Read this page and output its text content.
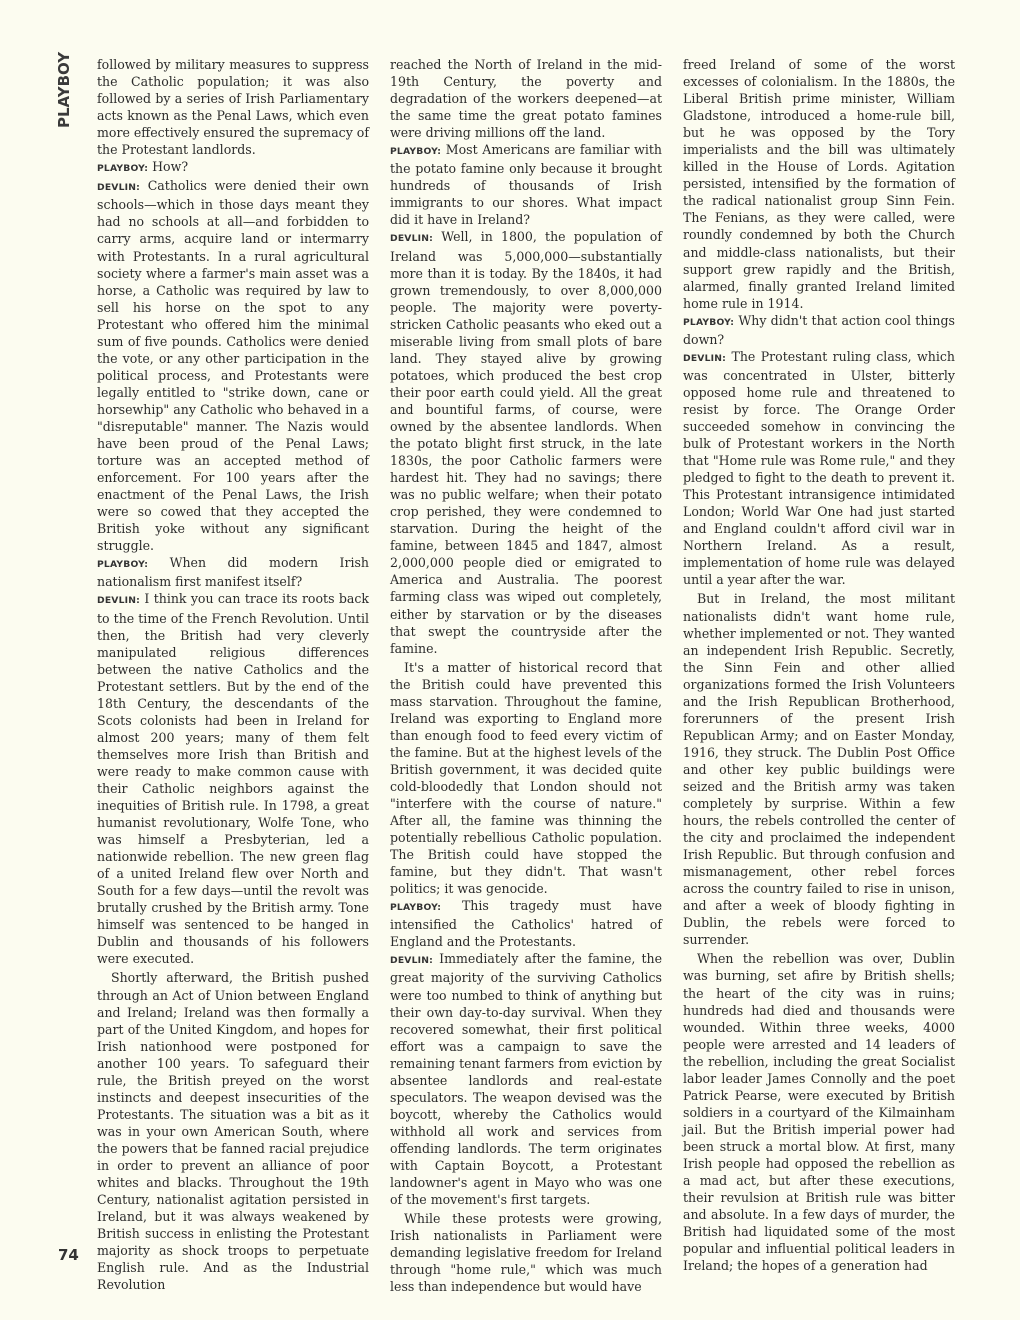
PLAYBOY
74

followed by military measures to suppress the Catholic population; it was also followed by a series of Irish Parliamentary acts known as the Penal Laws, which even more effectively ensured the supremacy of the Protestant landlords.

PLAYBOY: How?

DEVLIN: Catholics were denied their own schools—which in those days meant they had no schools at all—and forbidden to carry arms, acquire land or intermarry with Protestants. In a rural agricultural society where a farmer's main asset was a horse, a Catholic was required by law to sell his horse on the spot to any Protestant who offered him the minimal sum of five pounds. Catholics were denied the vote, or any other participation in the political process, and Protestants were legally entitled to "strike down, cane or horsewhip" any Catholic who behaved in a "disreputable" manner. The Nazis would have been proud of the Penal Laws; torture was an accepted method of enforcement. For 100 years after the enactment of the Penal Laws, the Irish were so cowed that they accepted the British yoke without any significant struggle.

PLAYBOY: When did modern Irish nationalism first manifest itself?

DEVLIN: I think you can trace its roots back to the time of the French Revolution. Until then, the British had very cleverly manipulated religious differences between the native Catholics and the Protestant settlers. But by the end of the 18th Century, the descendants of the Scots colonists had been in Ireland for almost 200 years; many of them felt themselves more Irish than British and were ready to make common cause with their Catholic neighbors against the inequities of British rule. In 1798, a great humanist revolutionary, Wolfe Tone, who was himself a Presbyterian, led a nationwide rebellion. The new green flag of a united Ireland flew over North and South for a few days—until the revolt was brutally crushed by the British army. Tone himself was sentenced to be hanged in Dublin and thousands of his followers were executed.

Shortly afterward, the British pushed through an Act of Union between England and Ireland; Ireland was then formally a part of the United Kingdom, and hopes for Irish nationhood were postponed for another 100 years. To safeguard their rule, the British preyed on the worst instincts and deepest insecurities of the Protestants. The situation was a bit as it was in your own American South, where the powers that be fanned racial prejudice in order to prevent an alliance of poor whites and blacks. Throughout the 19th Century, nationalist agitation persisted in Ireland, but it was always weakened by British success in enlisting the Protestant majority as shock troops to perpetuate English rule. And as the Industrial Revolution

reached the North of Ireland in the mid-19th Century, the poverty and degradation of the workers deepened—at the same time the great potato famines were driving millions off the land.

PLAYBOY: Most Americans are familiar with the potato famine only because it brought hundreds of thousands of Irish immigrants to our shores. What impact did it have in Ireland?

DEVLIN: Well, in 1800, the population of Ireland was 5,000,000—substantially more than it is today. By the 1840s, it had grown tremendously, to over 8,000,000 people. The majority were poverty-stricken Catholic peasants who eked out a miserable living from small plots of bare land. They stayed alive by growing potatoes, which produced the best crop their poor earth could yield. All the great and bountiful farms, of course, were owned by the absentee landlords. When the potato blight first struck, in the late 1830s, the poor Catholic farmers were hardest hit. They had no savings; there was no public welfare; when their potato crop perished, they were condemned to starvation. During the height of the famine, between 1845 and 1847, almost 2,000,000 people died or emigrated to America and Australia. The poorest farming class was wiped out completely, either by starvation or by the diseases that swept the countryside after the famine.

It's a matter of historical record that the British could have prevented this mass starvation. Throughout the famine, Ireland was exporting to England more than enough food to feed every victim of the famine. But at the highest levels of the British government, it was decided quite cold-bloodedly that London should not "interfere with the course of nature." After all, the famine was thinning the potentially rebellious Catholic population. The British could have stopped the famine, but they didn't. That wasn't politics; it was genocide.

PLAYBOY: This tragedy must have intensified the Catholics' hatred of England and the Protestants.

DEVLIN: Immediately after the famine, the great majority of the surviving Catholics were too numbed to think of anything but their own day-to-day survival. When they recovered somewhat, their first political effort was a campaign to save the remaining tenant farmers from eviction by absentee landlords and real-estate speculators. The weapon devised was the boycott, whereby the Catholics would withhold all work and services from offending landlords. The term originates with Captain Boycott, a Protestant landowner's agent in Mayo who was one of the movement's first targets.

While these protests were growing, Irish nationalists in Parliament were demanding legislative freedom for Ireland through "home rule," which was much less than independence but would have

freed Ireland of some of the worst excesses of colonialism. In the 1880s, the Liberal British prime minister, William Gladstone, introduced a home-rule bill, but he was opposed by the Tory imperialists and the bill was ultimately killed in the House of Lords. Agitation persisted, intensified by the formation of the radical nationalist group Sinn Fein. The Fenians, as they were called, were roundly condemned by both the Church and middle-class nationalists, but their support grew rapidly and the British, alarmed, finally granted Ireland limited home rule in 1914.

PLAYBOY: Why didn't that action cool things down?

DEVLIN: The Protestant ruling class, which was concentrated in Ulster, bitterly opposed home rule and threatened to resist by force. The Orange Order succeeded somehow in convincing the bulk of Protestant workers in the North that "Home rule was Rome rule," and they pledged to fight to the death to prevent it. This Protestant intransigence intimidated London; World War One had just started and England couldn't afford civil war in Northern Ireland. As a result, implementation of home rule was delayed until a year after the war.

But in Ireland, the most militant nationalists didn't want home rule, whether implemented or not. They wanted an independent Irish Republic. Secretly, the Sinn Fein and other allied organizations formed the Irish Volunteers and the Irish Republican Brotherhood, forerunners of the present Irish Republican Army; and on Easter Monday, 1916, they struck. The Dublin Post Office and other key public buildings were seized and the British army was taken completely by surprise. Within a few hours, the rebels controlled the center of the city and proclaimed the independent Irish Republic. But through confusion and mismanagement, other rebel forces across the country failed to rise in unison, and after a week of bloody fighting in Dublin, the rebels were forced to surrender.

When the rebellion was over, Dublin was burning, set afire by British shells; the heart of the city was in ruins; hundreds had died and thousands were wounded. Within three weeks, 4000 people were arrested and 14 leaders of the rebellion, including the great Socialist labor leader James Connolly and the poet Patrick Pearse, were executed by British soldiers in a courtyard of the Kilmainham jail. But the British imperial power had been struck a mortal blow. At first, many Irish people had opposed the rebellion as a mad act, but after these executions, their revulsion at British rule was bitter and absolute. In a few days of murder, the British had liquidated some of the most popular and influential political leaders in Ireland; the hopes of a generation had
